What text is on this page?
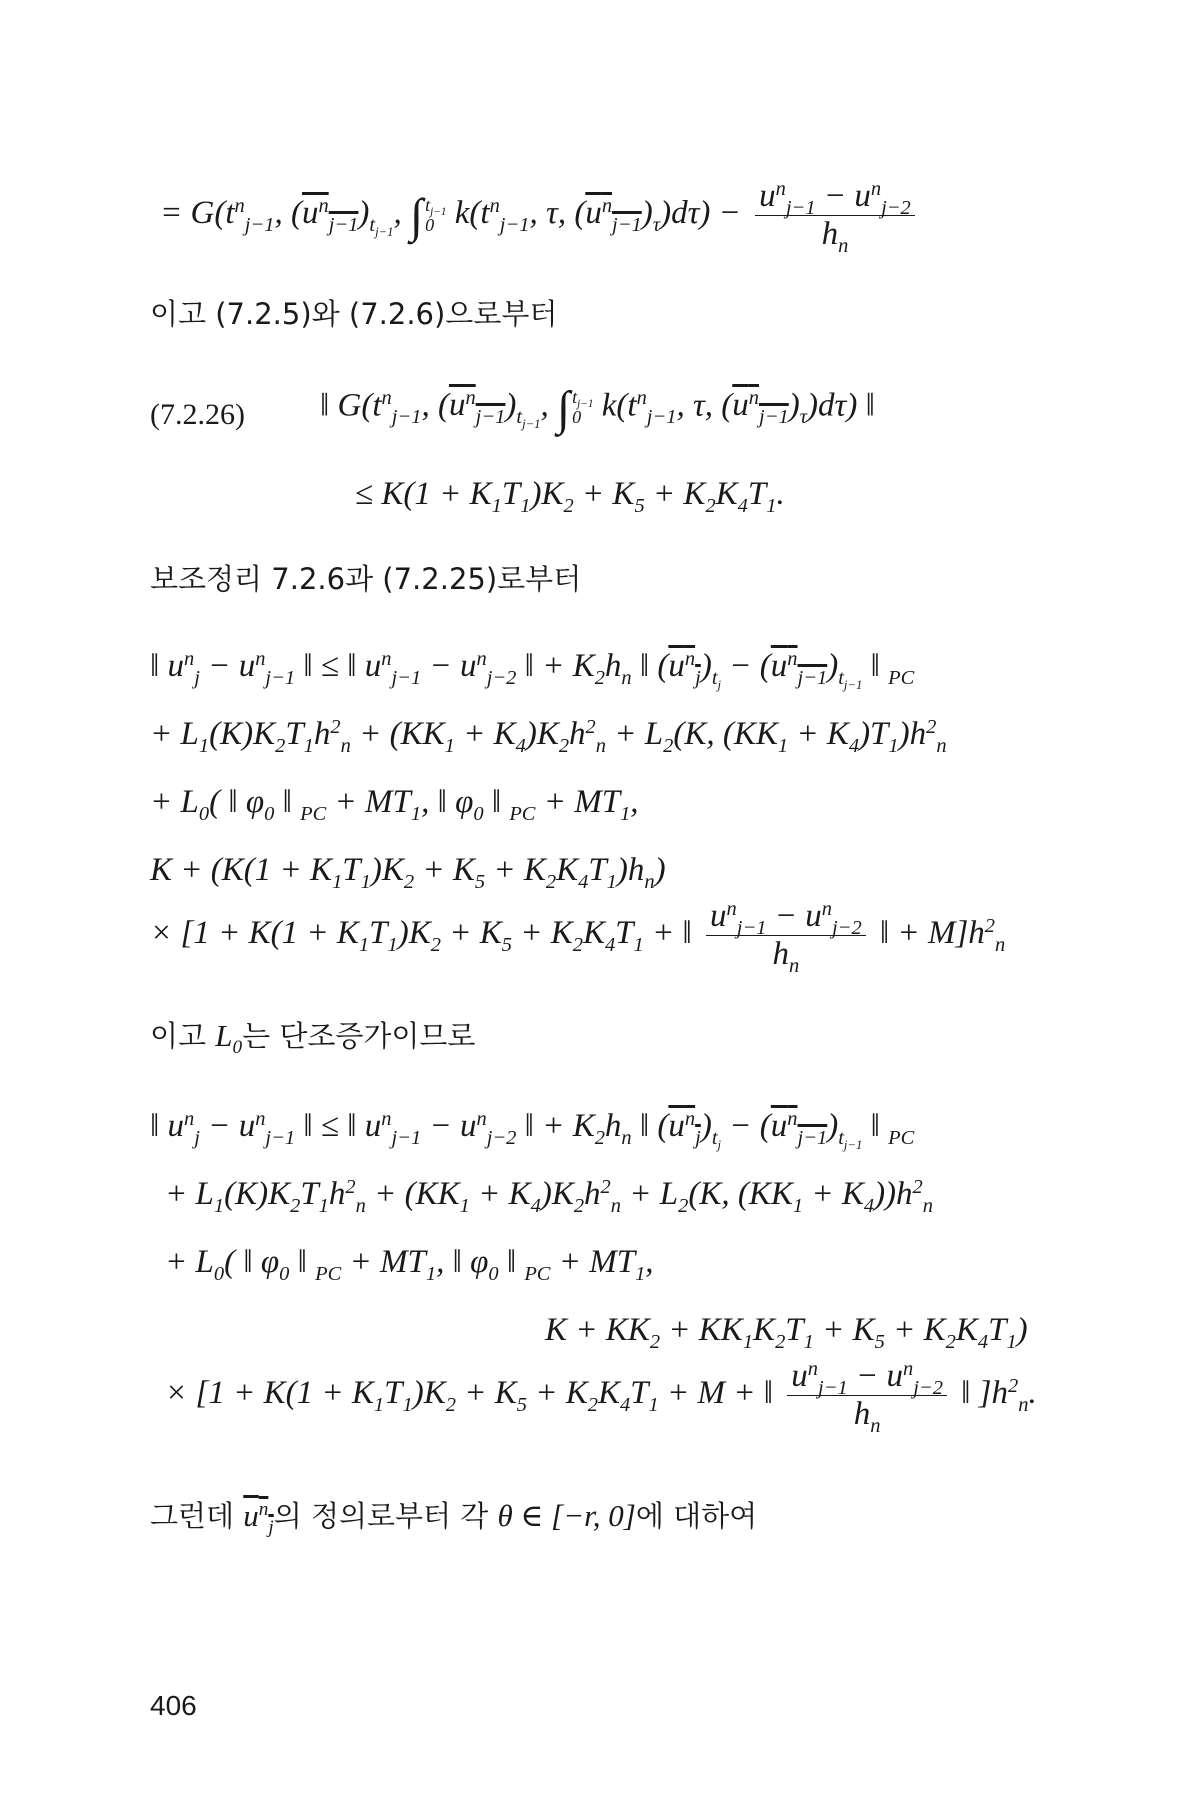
= $G(t^n_{j-1}$, $(u^n_{j-1})_{t_{j-1}}$, ∫ $t_{j-1}$
0 $k(t^n_{j-1}$, τ, $(u^n_{j-1})_\tau)d\tau) - \frac{u^n_{j-1} - u^n_{j-2}}{h_n}$
이고 (7.2.5)와 (7.2.6)으로부터
(7.2.26) ‖ $G(t^n_{j-1}$, $(u^n_{j-1})_{t_{j-1}}$, ∫ $t_{j-1}$
0 $k(t^n_{j-1}$, τ, $(u^n_{j-1})_\tau)d\tau$) ‖
≤ $K(1 + K_1T_1)K_2 + K_5 + K_2K_4T_1$.
보조정리 7.2.6과 (7.2.25)로부터
‖ $u^n_j - u^n_{j-1}$ ‖ ≤ ‖ $u^n_{j-1} - u^n_{j-2}$ ‖ + $K_2h_n$ ‖ $(u^n_j)_{t_j} - (u^n_{j-1})_{t_{j-1}}$ ‖ $_{PC}$
+ $L_1(K)K_2T_1h^2_n + (KK_1 + K_4)K_2h^2_n + L_2(K$, $(KK_1 + K_4)T_1)h^2_n$
+ $L_0$( ‖ $\varphi_0$ ‖ $_{PC} + MT_1$, ‖ $\varphi_0$ ‖ $_{PC} + MT_1$,
$K + (K(1 + K_1T_1)K_2 + K_5 + K_2K_4T_1)h_n$)
× [$1 + K(1 + K_1T_1)K_2 + K_5 + K_2K_4T_1$ + ‖ $\frac{u^n_{j-1} - u^n_{j-2}}{h_n}$ ‖ + $M]h^2_n$
이고 $L_0$는 단조증가이므로
‖ $u^n_j - u^n_{j-1}$ ‖ ≤ ‖ $u^n_{j-1} - u^n_{j-2}$ ‖ + $K_2h_n$ ‖ $(u^n_j)_{t_j} - (u^n_{j-1})_{t_{j-1}}$ ‖ $_{PC}$
+ $L_1(K)K_2T_1h^2_n + (KK_1 + K_4)K_2h^2_n + L_2(K$, $(KK_1 + K_4))h^2_n$
+ $L_0$( ‖ $\varphi_0$ ‖ $_{PC} + MT_1$, ‖ $\varphi_0$ ‖ $_{PC} + MT_1$,
$K + KK_2 + KK_1K_2T_1 + K_5 + K_2K_4T_1$)
× [$1 + K(1 + K_1T_1)K_2 + K_5 + K_2K_4T_1 + M$ + ‖ $\frac{u^n_{j-1} - u^n_{j-2}}{h_n}$ ‖ ]$h^2_n$.
그런데 $u^n_j$의 정의로부터 각 θ ∈ [−r, 0]에 대하여
406
